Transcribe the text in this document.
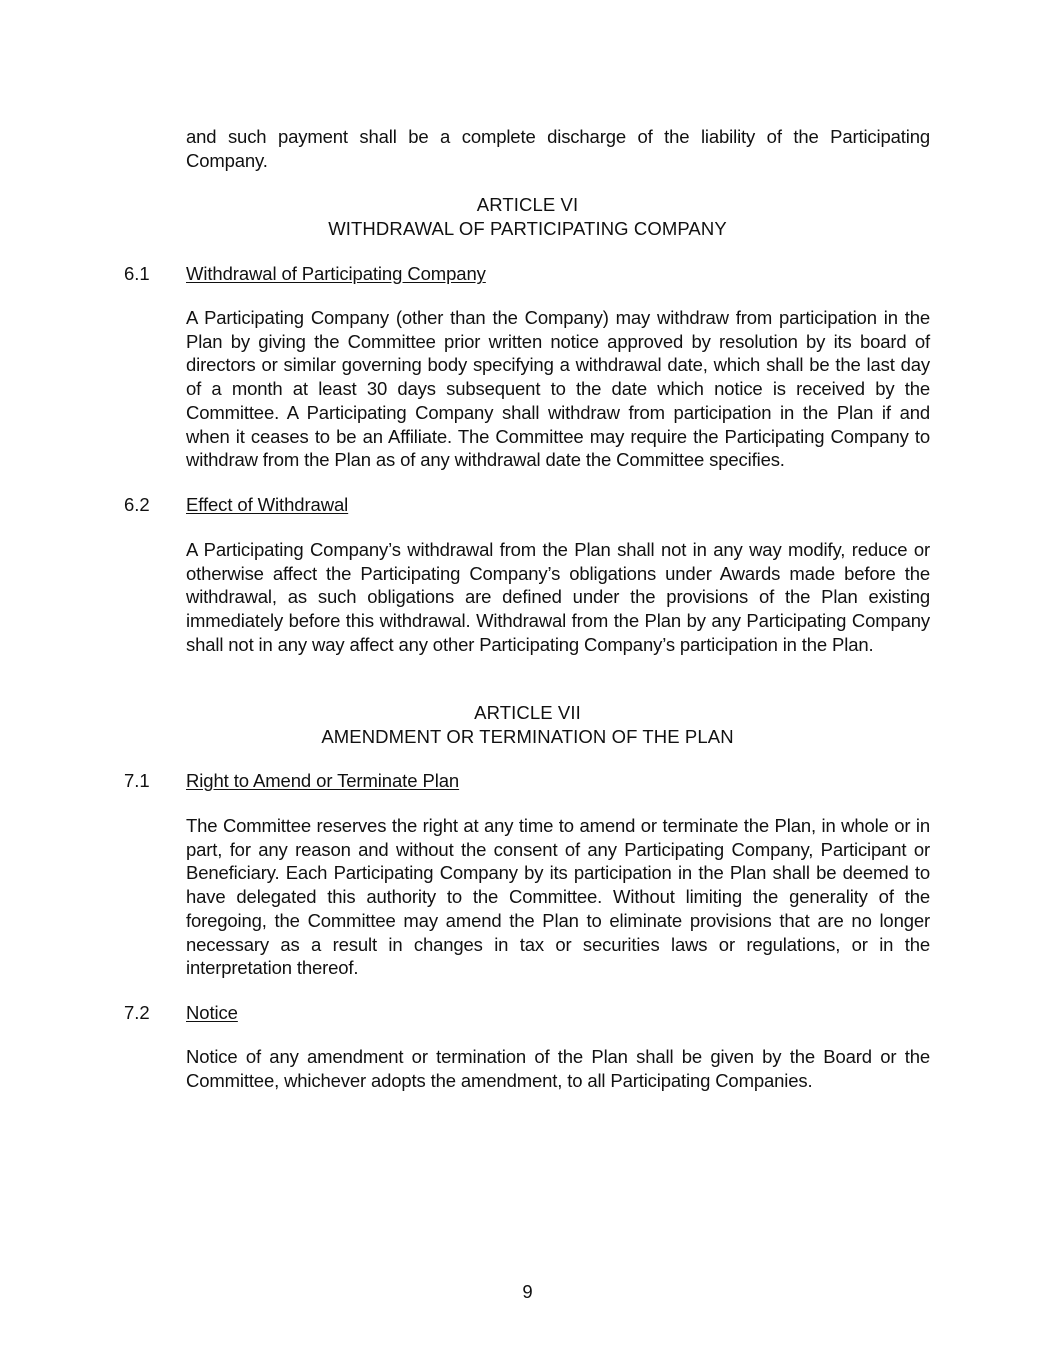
and such payment shall be a complete discharge of the liability of the Participating Company.

ARTICLE VI

WITHDRAWAL OF PARTICIPATING COMPANY

6.1 Withdrawal of Participating Company

A Participating Company (other than the Company) may withdraw from participation in the Plan by giving the Committee prior written notice approved by resolution by its board of directors or similar governing body specifying a withdrawal date, which shall be the last day of a month at least 30 days subsequent to the date which notice is received by the Committee. A Participating Company shall withdraw from participation in the Plan if and when it ceases to be an Affiliate. The Committee may require the Participating Company to withdraw from the Plan as of any withdrawal date the Committee specifies.

6.2 Effect of Withdrawal

A Participating Company’s withdrawal from the Plan shall not in any way modify, reduce or otherwise affect the Participating Company’s obligations under Awards made before the withdrawal, as such obligations are defined under the provisions of the Plan existing immediately before this withdrawal. Withdrawal from the Plan by any Participating Company shall not in any way affect any other Participating Company’s participation in the Plan.

ARTICLE VII

AMENDMENT OR TERMINATION OF THE PLAN

7.1 Right to Amend or Terminate Plan

The Committee reserves the right at any time to amend or terminate the Plan, in whole or in part, for any reason and without the consent of any Participating Company, Participant or Beneficiary. Each Participating Company by its participation in the Plan shall be deemed to have delegated this authority to the Committee. Without limiting the generality of the foregoing, the Committee may amend the Plan to eliminate provisions that are no longer necessary as a result in changes in tax or securities laws or regulations, or in the interpretation thereof.

7.2 Notice

Notice of any amendment or termination of the Plan shall be given by the Board or the Committee, whichever adopts the amendment, to all Participating Companies.

9
